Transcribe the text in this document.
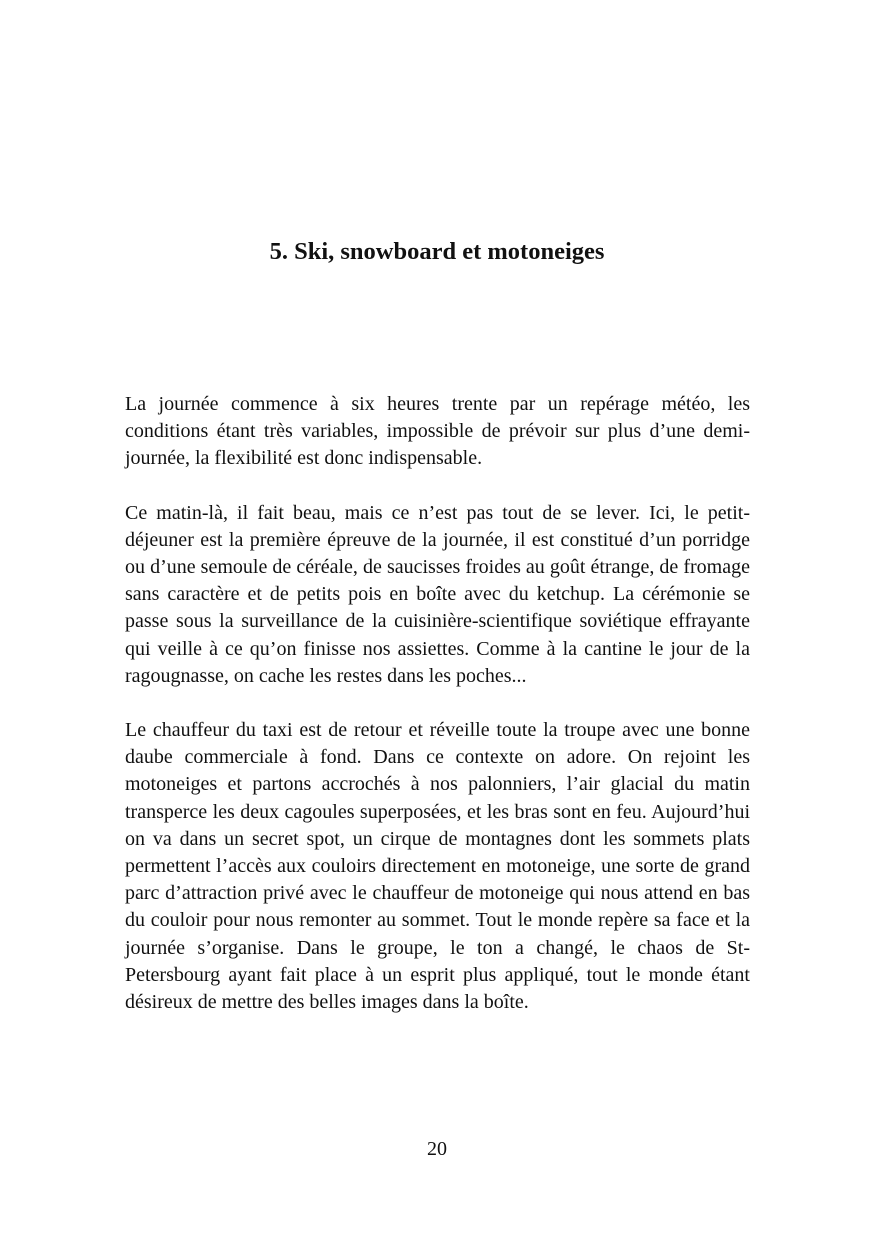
5. Ski, snowboard et motoneiges

La journée commence à six heures trente par un repérage météo, les conditions étant très variables, impossible de prévoir sur plus d’une demi-journée, la flexibilité est donc indispensable.

Ce matin-là, il fait beau, mais ce n’est pas tout de se lever. Ici, le petit-déjeuner est la première épreuve de la journée, il est constitué d’un porridge ou d’une semoule de céréale, de saucisses froides au goût étrange, de fromage sans caractère et de petits pois en boîte avec du ketchup. La cérémonie se passe sous la surveillance de la cuisinière-scientifique soviétique effrayante qui veille à ce qu’on finisse nos assiettes. Comme à la cantine le jour de la ragougnasse, on cache les restes dans les poches...

Le chauffeur du taxi est de retour et réveille toute la troupe avec une bonne daube commerciale à fond. Dans ce contexte on adore. On rejoint les motoneiges et partons accrochés à nos palonniers, l’air glacial du matin transperce les deux cagoules superposées, et les bras sont en feu. Aujourd’hui on va dans un secret spot, un cirque de montagnes dont les sommets plats permettent l’accès aux couloirs directement en motoneige, une sorte de grand parc d’attraction privé avec le chauffeur de motoneige qui nous attend en bas du couloir pour nous remonter au sommet. Tout le monde repère sa face et la journée s’organise. Dans le groupe, le ton a changé, le chaos de St-Petersbourg ayant fait place à un esprit plus appliqué, tout le monde étant désireux de mettre des belles images dans la boîte.

20
